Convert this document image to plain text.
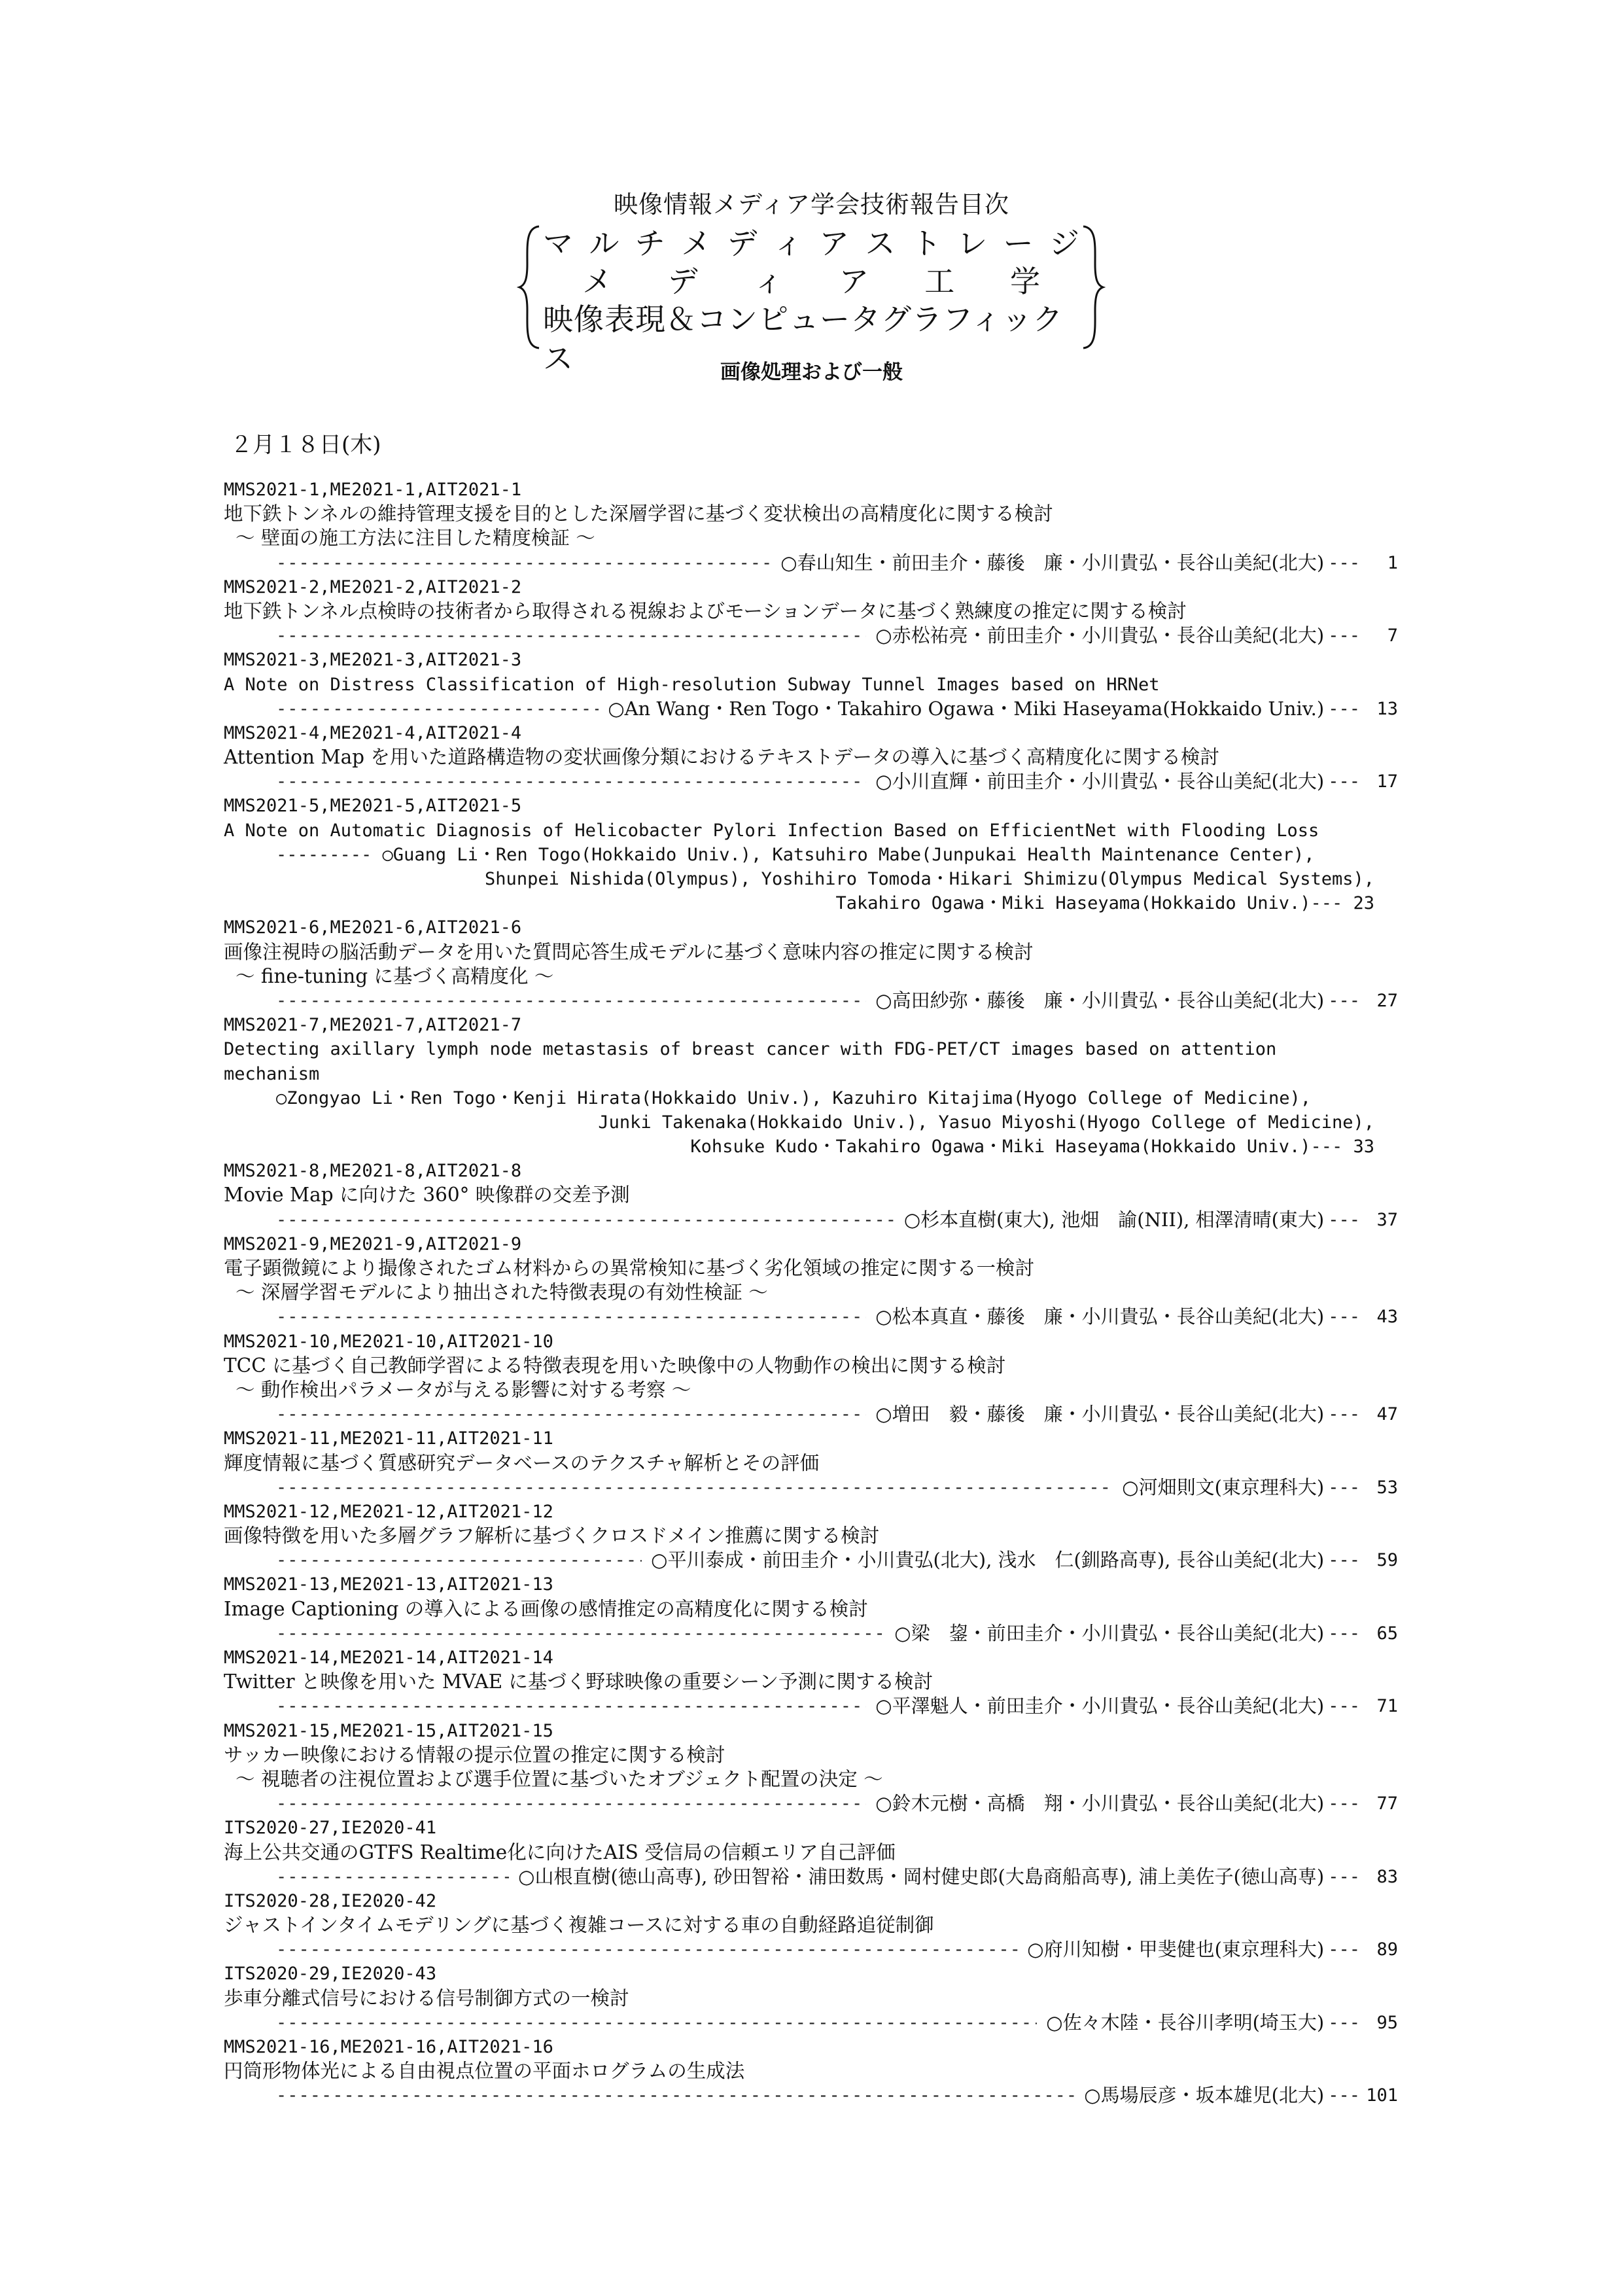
映像情報メディア学会技術報告目次
マ ル チ メ デ ィ ア ス ト レ ー ジ
メ デ ィ ア 工 学
映像表現＆コンピュータグラフィックス	画像処理および一般
２月１８日(木)
MMS2021-1,ME2021-1,AIT2021-1
地下鉄トンネルの維持管理支援を目的とした深層学習に基づく変状検出の高精度化に関する検討
～ 壁面の施工方法に注目した精度検証 ～
-----
○春山知生・前田圭介・藤後　廉・小川貴弘・長谷山美紀(北大) ---	1
MMS2021-2,ME2021-2,AIT2021-2
地下鉄トンネル点検時の技術者から取得される視線およびモーションデータに基づく熟練度の推定に関する検討
-----
○赤松祐亮・前田圭介・小川貴弘・長谷山美紀(北大) ---	7
MMS2021-3,ME2021-3,AIT2021-3
A Note on Distress Classification of High-resolution Subway Tunnel Images based on HRNet
-----
○An Wang・Ren Togo・Takahiro Ogawa・Miki Haseyama(Hokkaido Univ.) --- 13
MMS2021-4,ME2021-4,AIT2021-4
Attention Map を用いた道路構造物の変状画像分類におけるテキストデータの導入に基づく高精度化に関する検討
-----
○小川直輝・前田圭介・小川貴弘・長谷山美紀(北大) --- 17
MMS2021-5,ME2021-5,AIT2021-5
A Note on Automatic Diagnosis of Helicobacter Pylori Infection Based on EfficientNet with Flooding Loss
--------- ○Guang Li・Ren Togo(Hokkaido Univ.), Katsuhiro Mabe(Junpukai Health Maintenance Center),
Shunpei Nishida(Olympus), Yoshihiro Tomoda・Hikari Shimizu(Olympus Medical Systems),
Takahiro Ogawa・Miki Haseyama(Hokkaido Univ.)--- 23
MMS2021-6,ME2021-6,AIT2021-6
画像注視時の脳活動データを用いた質問応答生成モデルに基づく意味内容の推定に関する検討
～ fine-tuning に基づく高精度化 ～
-----
○高田紗弥・藤後　廉・小川貴弘・長谷山美紀(北大) --- 27
MMS2021-7,ME2021-7,AIT2021-7
Detecting axillary lymph node metastasis of breast cancer with FDG-PET/CT images based on attention
mechanism
○Zongyao Li・Ren Togo・Kenji Hirata(Hokkaido Univ.), Kazuhiro Kitajima(Hyogo College of Medicine),
Junki Takenaka(Hokkaido Univ.), Yasuo Miyoshi(Hyogo College of Medicine),
Kohsuke Kudo・Takahiro Ogawa・Miki Haseyama(Hokkaido Univ.)--- 33
MMS2021-8,ME2021-8,AIT2021-8
Movie Map に向けた 360° 映像群の交差予測
-----
○杉本直樹(東大), 池畑　諭(NII), 相澤清晴(東大) --- 37
MMS2021-9,ME2021-9,AIT2021-9
電子顕微鏡により撮像されたゴム材料からの異常検知に基づく劣化領域の推定に関する一検討
～ 深層学習モデルにより抽出された特徴表現の有効性検証 ～
-----
○松本真直・藤後　廉・小川貴弘・長谷山美紀(北大) --- 43
MMS2021-10,ME2021-10,AIT2021-10
TCC に基づく自己教師学習による特徴表現を用いた映像中の人物動作の検出に関する検討
～ 動作検出パラメータが与える影響に対する考察 ～
-----
○増田　毅・藤後　廉・小川貴弘・長谷山美紀(北大) --- 47
MMS2021-11,ME2021-11,AIT2021-11
輝度情報に基づく質感研究データベースのテクスチャ解析とその評価
-----
○河畑則文(東京理科大) --- 53
MMS2021-12,ME2021-12,AIT2021-12
画像特徴を用いた多層グラフ解析に基づくクロスドメイン推薦に関する検討
-----
○平川泰成・前田圭介・小川貴弘(北大), 浅水　仁(釧路高専), 長谷山美紀(北大) --- 59
MMS2021-13,ME2021-13,AIT2021-13
Image Captioning の導入による画像の感情推定の高精度化に関する検討
-----
○梁　鋆・前田圭介・小川貴弘・長谷山美紀(北大) --- 65
MMS2021-14,ME2021-14,AIT2021-14
Twitter と映像を用いた MVAE に基づく野球映像の重要シーン予測に関する検討
-----
○平澤魁人・前田圭介・小川貴弘・長谷山美紀(北大) --- 71
MMS2021-15,ME2021-15,AIT2021-15
サッカー映像における情報の提示位置の推定に関する検討
～ 視聴者の注視位置および選手位置に基づいたオブジェクト配置の決定 ～
-----
○鈴木元樹・高橋　翔・小川貴弘・長谷山美紀(北大) --- 77
ITS2020-27,IE2020-41
海上公共交通のGTFS Realtime化に向けたAIS 受信局の信頼エリア自己評価
-----
○山根直樹(徳山高専), 砂田智裕・浦田数馬・岡村健史郎(大島商船高専), 浦上美佐子(徳山高専) --- 83
ITS2020-28,IE2020-42
ジャストインタイムモデリングに基づく複雑コースに対する車の自動経路追従制御
-----
○府川知樹・甲斐健也(東京理科大) --- 89
ITS2020-29,IE2020-43
歩車分離式信号における信号制御方式の一検討
-----
○佐々木陸・長谷川孝明(埼玉大) --- 95
MMS2021-16,ME2021-16,AIT2021-16
円筒形物体光による自由視点位置の平面ホログラムの生成法
-----
○馬場辰彦・坂本雄児(北大) --- 101
